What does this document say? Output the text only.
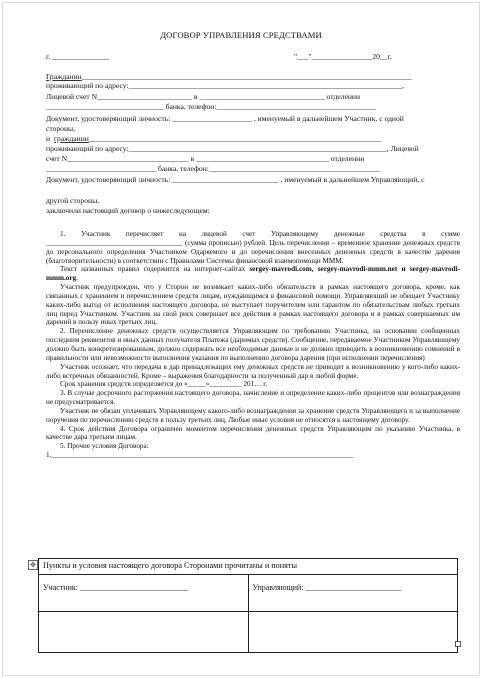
ДОГОВОР УПРАВЛЕНИЯ СРЕДСТВАМИ
г. _______________	"___"________________20__г.
Гражданин_______________________________________________________________________________________
проживающий по адресу:________________________________________________________________________,
Лицевой счет N_________________________ в _________________________________ отделении
_______________________________ банка, телефон:__________________________________________
Документ, удостоверяющий личность: _____________________ , именуемый в дальнейшем Участник, с одной
стороны,
и гражданин_____________________________________________________________________________
проживающий по адресу:____________________________________________________________________, Лицевой
счет N________________________________ в ___________________________________ отделении
_____________________________ банка, телефон:_____________________________________________
Документ, удостоверяющий личность: ____________________________ , именуемый в дальнейшем Управляющий, с
другой стороны,
заключили настоящий договор о нижеследующем:

1. Участник перечисляет на лицевой счет Управляющему денежные средства в сумме ______________________________________ (сумма прописью) рублей. Цель перечисления – временное хранение денежных средств до персонального определения Участником Одаряемого и до перечисления внесенных денежных средств в качестве дарения (благотворительности) в соответствии с Правилами Системы финансовой взаимопомощи МММ.

Текст названных правил содержится на интернет-сайтах sergey-mavrodi.com, sergey-mavrodi-mmm.net и sergey-mavrodi-mmm.org.

Участник предупрежден, что у Сторон не возникает каких-либо обязательств в рамках настоящего договора, кроме, как связанных с хранением и перечислением средств лицам, нуждающимся в финансовой помощи. Управляющий не обещает Участнику каких-либо выгод от исполнения настоящего договора, не выступает поручителем или гарантом по обязательствам любых третьих лиц перед Участником. Участник на свой риск совершает все действия в рамках настоящего договора и в рамках совершаемых им дарений в пользу иных третьих лиц.

2. Перечисление денежных средств осуществляется Управляющим по требованию Участника, на основании сообщенных последним реквизитов и иных данных получателя Платежа (даримых средств). Сообщение, передаваемое Участником Управляющему должно быть конкретизированным, должно содержать все необходимые данные и не должно приводить к возникновению сомнений в правильности или невозможности выполнения указания по выполнению договора дарения (при исполнении перечисления)

Участник осознает, что передача в дар принадлежащих ему денежных средств не приводит к возникновению у кого-либо каких-либо встречных обязанностей. Кроме – выражения благодарности за полученный дар в любой форме.

Срок хранения средств определяется до «_____»_________ 201… г.

3. В случае досрочного расторжения настоящего договора, начисление и определение каких-либо процентов или вознаграждения не предусматривается.

Участник не обязан уплачивать Управляющему какого-либо вознаграждения за хранение средств Управляющего и за выполнение поручения по перечислению средств в пользу третьих лиц. Любые иные условия не относятся к настоящему договору.

4. Срок действия Договора ограничен моментом перечисления денежных средств Управляющим по указанию Участника, в качестве дара третьим лицам.

5. Прочие условия Договора:

1.____________________________________________________________________________________

✥ Пункты и условия настоящего договора Сторонами прочитаны и поняты	
Участник: ___________________________	Управляющий: ________________________
